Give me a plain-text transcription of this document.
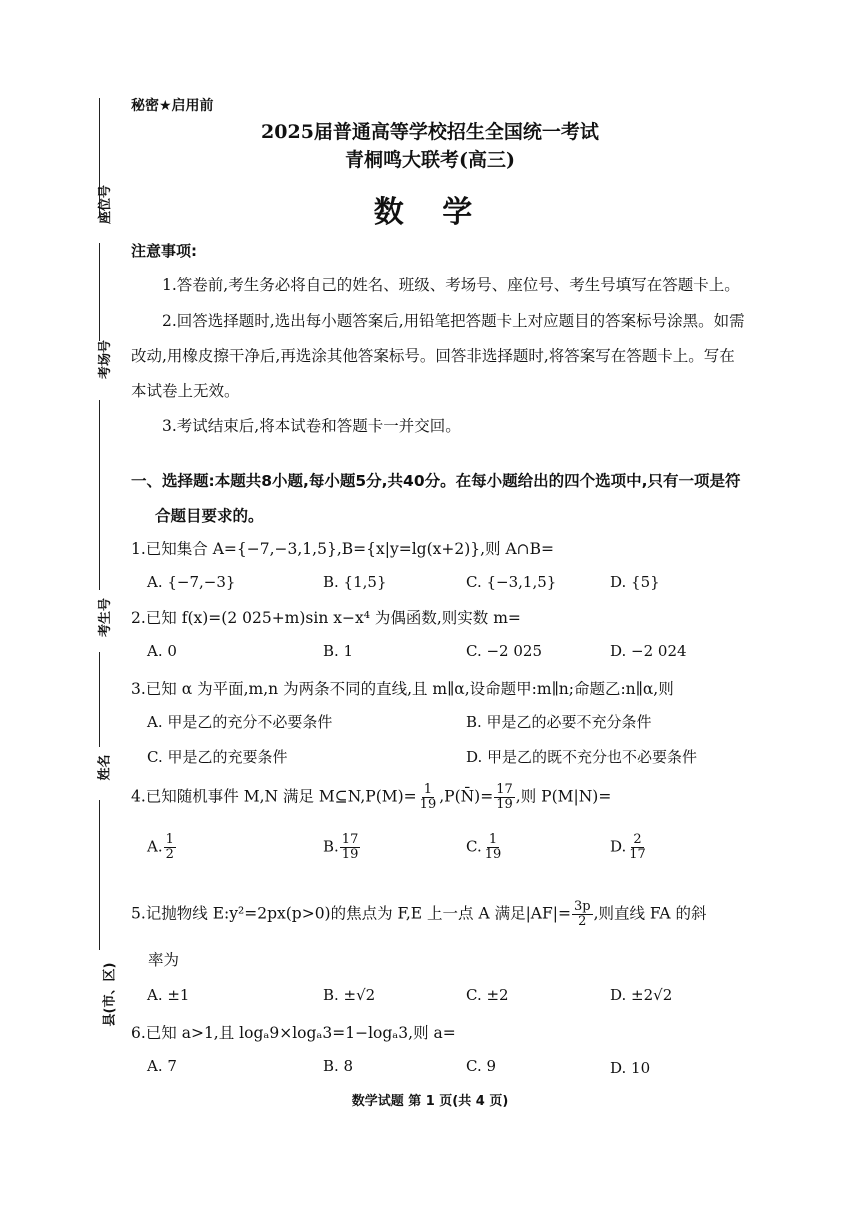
座位号
考场号
考生号
姓名
县(市、区)
秘密★启用前
2025届普通高等学校招生全国统一考试
青桐鸣大联考(高三)
数 学
注意事项:
1.答卷前,考生务必将自己的姓名、班级、考场号、座位号、考生号填写在答题卡上。
2.回答选择题时,选出每小题答案后,用铅笔把答题卡上对应题目的答案标号涂黑。如需
改动,用橡皮擦干净后,再选涂其他答案标号。回答非选择题时,将答案写在答题卡上。写在
本试卷上无效。
3.考试结束后,将本试卷和答题卡一并交回。
一、选择题:本题共8小题,每小题5分,共40分。在每小题给出的四个选项中,只有一项是符
合题目要求的。
1.已知集合 A={−7,−3,1,5},B={x|y=lg(x+2)},则 A∩B=
A. {−7,−3}	B. {1,5}	C. {−3,1,5}	D. {5}
2.已知 f(x)=(2 025+m)sin x−x⁴ 为偶函数,则实数 m=
A. 0	B. 1	C. −2 025	D. −2 024
3.已知 α 为平面,m,n 为两条不同的直线,且 m∥α,设命题甲:m∥n;命题乙:n∥α,则
A. 甲是乙的充分不必要条件	B. 甲是乙的必要不充分条件
C. 甲是乙的充要条件	D. 甲是乙的既不充分也不必要条件
4.已知随机事件 M,N 满足 M⊆N,P(M)= $\frac{1}{19}$ ,P(N̄)= $\frac{17}{19}$ ,则 P(M|N)=
A. $\frac{1}{2}$	B. $\frac{17}{19}$	C. $\frac{1}{19}$	D. $\frac{2}{17}$
5.记抛物线 E:y²=2px(p>0)的焦点为 F,E 上一点 A 满足$|AF|= \frac{3p}{2}$ ,则直线 FA 的斜
率为
A. ±1	B. ±√2	C. ±2	D. ±2√2
6.已知 a>1,且 logₐ9×logₐ3=1−logₐ3,则 a=
A. 7	B. 8	C. 9	D. 10
数学试题 第 1 页(共 4 页)
